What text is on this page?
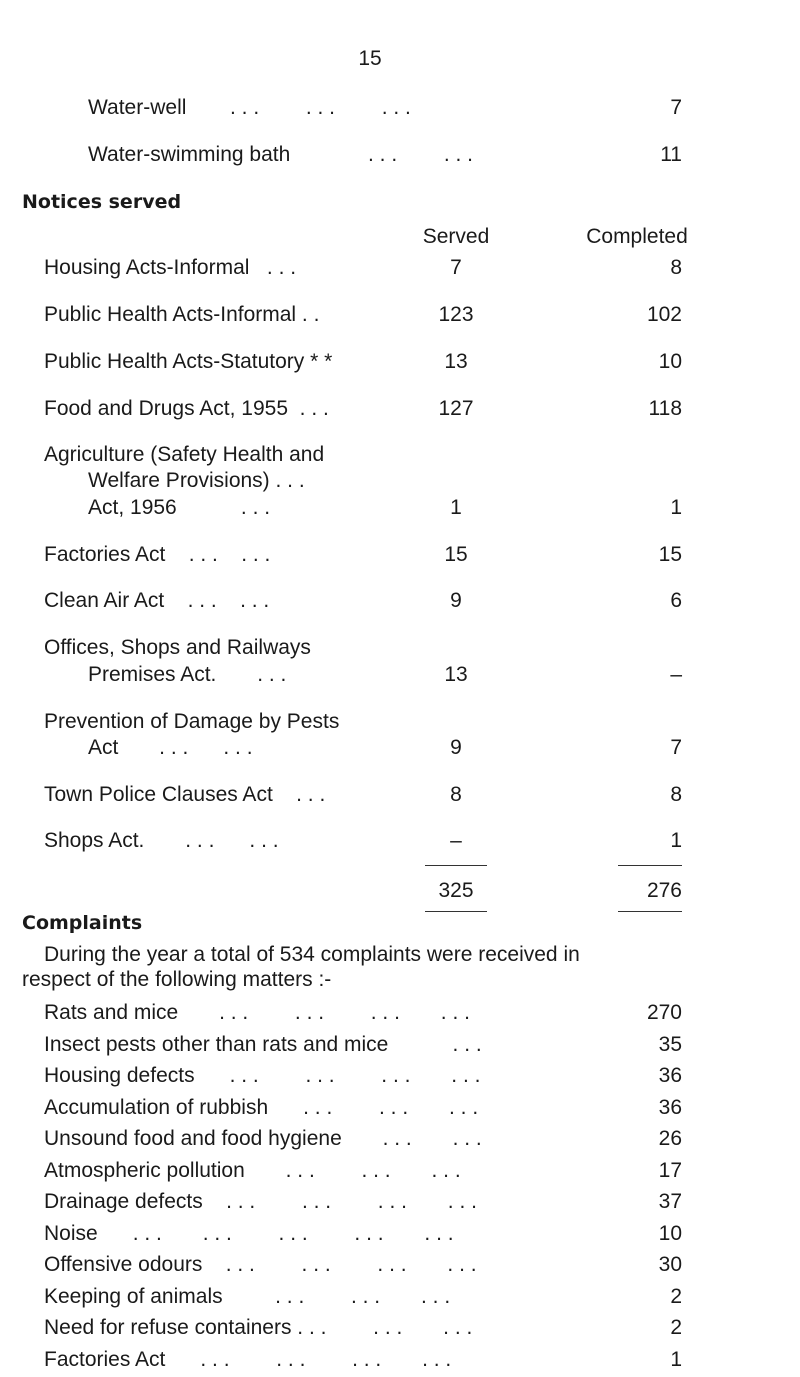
15
Water-well . . .        . . .        . . .	7
Water-swimming bath	. . .        . . .	11
Notices served
Served	Completed
Housing Acts-Informal   . . .	7	8
Public Health Acts-Informal . .	123	102
Public Health Acts-Statutory * *	13	10
Food and Drugs Act, 1955  . . .	127	118
Agriculture (Safety Health and
Welfare Provisions) . . .
Act, 1956           . . .	1	1
Factories Act    . . .    . . .	15	15
Clean Air Act    . . .    . . .	9	6
Offices, Shops and Railways
Premises Act.       . . .	13	–
Prevention of Damage by Pests
Act       . . .      . . .	9	7
Town Police Clauses Act    . . .	8	8
Shops Act.       . . .      . . .	–	1
325	276
Complaints
During the year a total of 534 complaints were received in
respect of the following matters :-
Rats and mice       . . .        . . .        . . .       . . .	270
Insect pests other than rats and mice           . . .	35
Housing defects      . . .        . . .        . . .       . . .	36
Accumulation of rubbish      . . .        . . .       . . .	36
Unsound food and food hygiene       . . .       . . .	26
Atmospheric pollution       . . .        . . .       . . .	17
Drainage defects    . . .        . . .        . . .       . . .	37
Noise      . . .       . . .        . . .        . . .       . . .	10
Offensive odours    . . .        . . .        . . .       . . .	30
Keeping of animals         . . .        . . .       . . .	2
Need for refuse containers . . .        . . .       . . .	2
Factories Act      . . .        . . .        . . .       . . .	1
